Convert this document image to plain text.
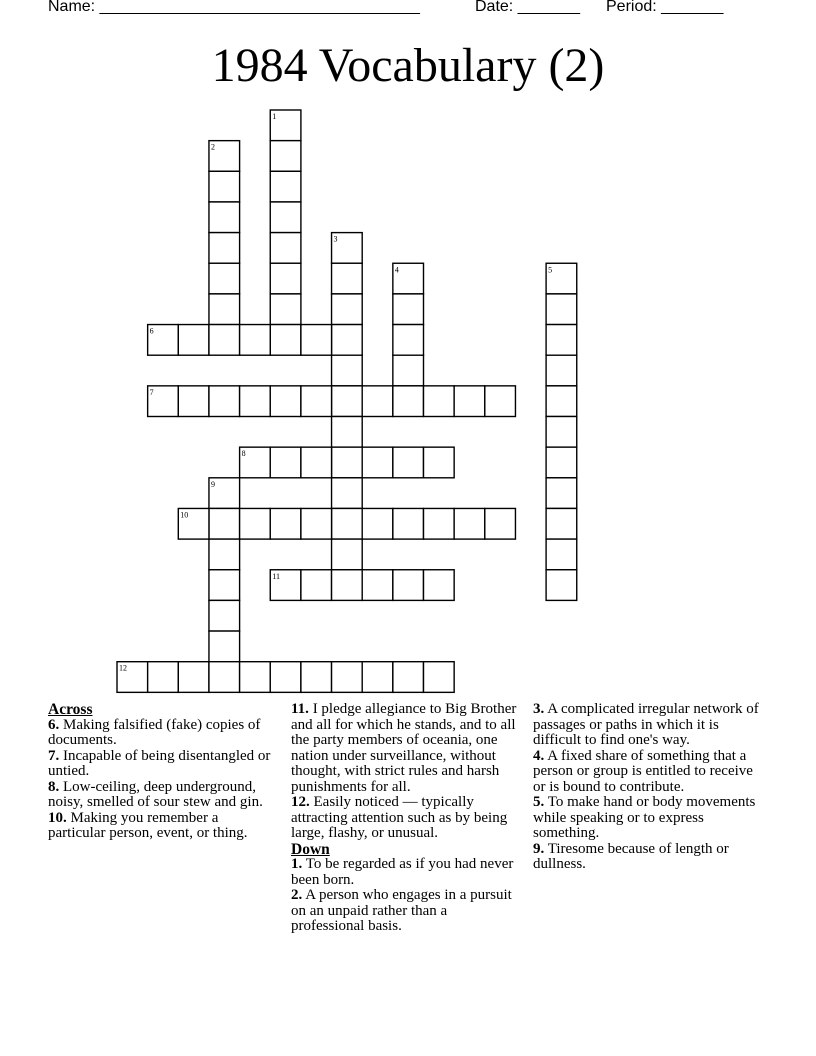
Name: ____________________________________	Date: _______ Period: _______
1984 Vocabulary (2)
1
2
3
4	5
6
7
8
9
10
11
12
Across
6. Making falsified (fake) copies of documents.
7. Incapable of being disentangled or untied.
8. Low-ceiling, deep underground, noisy, smelled of sour stew and gin.
10. Making you remember a particular person, event, or thing.
11. I pledge allegiance to Big Brother and all for which he stands, and to all the party members of oceania, one nation under surveillance, without thought, with strict rules and harsh punishments for all.
12. Easily noticed — typically attracting attention such as by being large, flashy, or unusual.
Down
1. To be regarded as if you had never been born.
2. A person who engages in a pursuit on an unpaid rather than a professional basis.
3. A complicated irregular network of passages or paths in which it is difficult to find one's way.
4. A fixed share of something that a person or group is entitled to receive or is bound to contribute.
5. To make hand or body movements while speaking or to express something.
9. Tiresome because of length or dullness.
